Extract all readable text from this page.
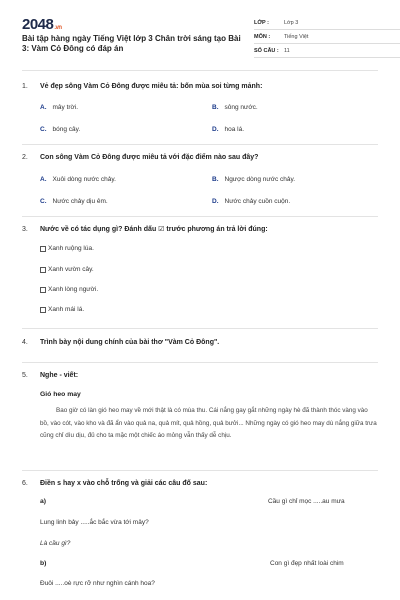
2048.vn
Bài tập hàng ngày Tiếng Việt lớp 3 Chân trời sáng tạo Bài 3: Vàm Cỏ Đông có đáp án
LỚP :	Lớp 3
MÔN :	Tiếng Việt
SỐ CÂU : 11
1.	Vẻ đẹp sông Vàm Cỏ Đông được miêu tả: bốn mùa soi từng mảnh:
A. mây trời.	B. sông nước.
C. bóng cây.	D. hoa lá.
2.	Con sông Vàm Cỏ Đông được miêu tả với đặc điểm nào sau đây?
A. Xuôi dòng nước chảy.	B. Ngược dòng nước chảy.
C. Nước chảy dịu êm.	D. Nước chảy cuồn cuộn.
3.	Nước về có tác dụng gì? Đánh dấu ☑ trước phương án trả lời đúng:
Xanh ruộng lúa.
Xanh vườn cây.
Xanh lòng người.
Xanh mái lá.
4.	Trình bày nội dung chính của bài thơ "Vàm Cỏ Đông".
5.	Nghe - viết:
Gió heo may
Bao giờ có làn gió heo may về mới thật là có mùa thu. Cái nắng gay gắt những ngày hè đã thành thóc vàng vào bồ, vào cót, vào kho và đã ẩn vào quả na, quả mít, quả hồng, quả bưởi... Những ngày có gió heo may dù nắng giữa trưa cũng chỉ dìu dịu, đủ cho ta mặc một chiếc áo mỏng vẫn thấy dễ chịu.
6.	Điền s hay x vào chỗ trống và giải các câu đố sau:
a)	Cầu gì chỉ mọc .....au mưa
Lung linh bảy .....ắc bắc vừa tới mây?
Là cầu gì?
b)	Con gì đẹp nhất loài chim
Đuôi .....oè rực rỡ như nghìn cánh hoa?
